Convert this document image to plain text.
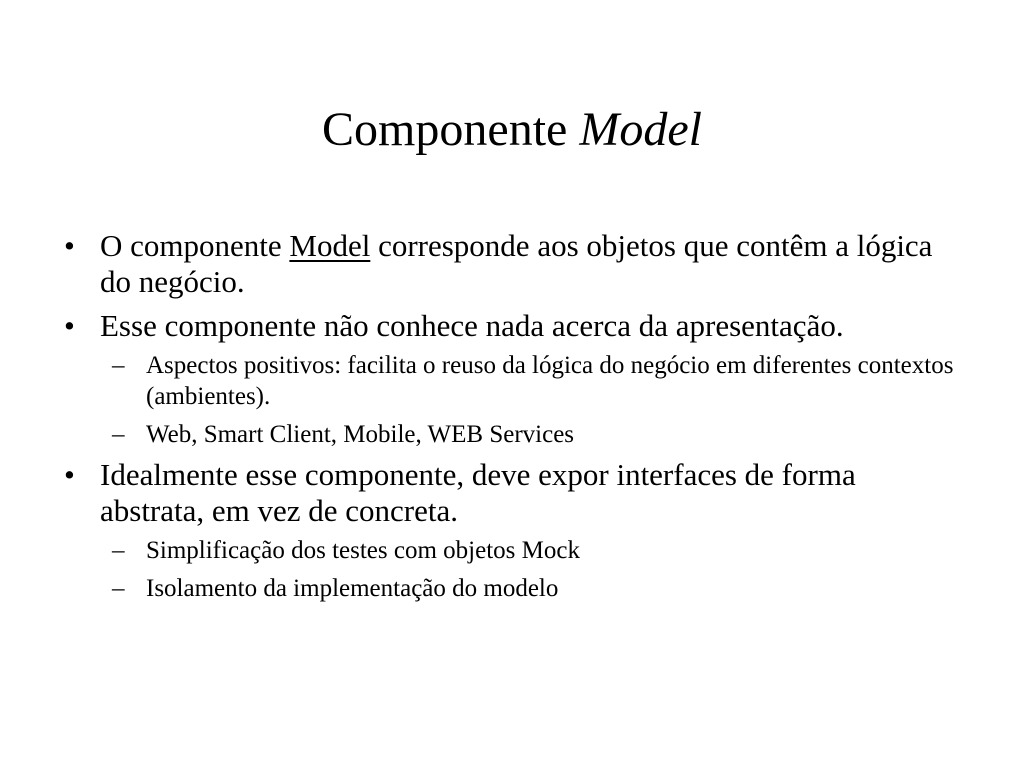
Componente Model
• O componente Model corresponde aos objetos que contêm a lógica do negócio.
• Esse componente não conhece nada acerca da apresentação.
– Aspectos positivos: facilita o reuso da lógica do negócio em diferentes contextos (ambientes).
– Web, Smart Client, Mobile, WEB Services
• Idealmente esse componente, deve expor interfaces de forma abstrata, em vez de concreta.
– Simplificação dos testes com objetos Mock
– Isolamento da implementação do modelo
